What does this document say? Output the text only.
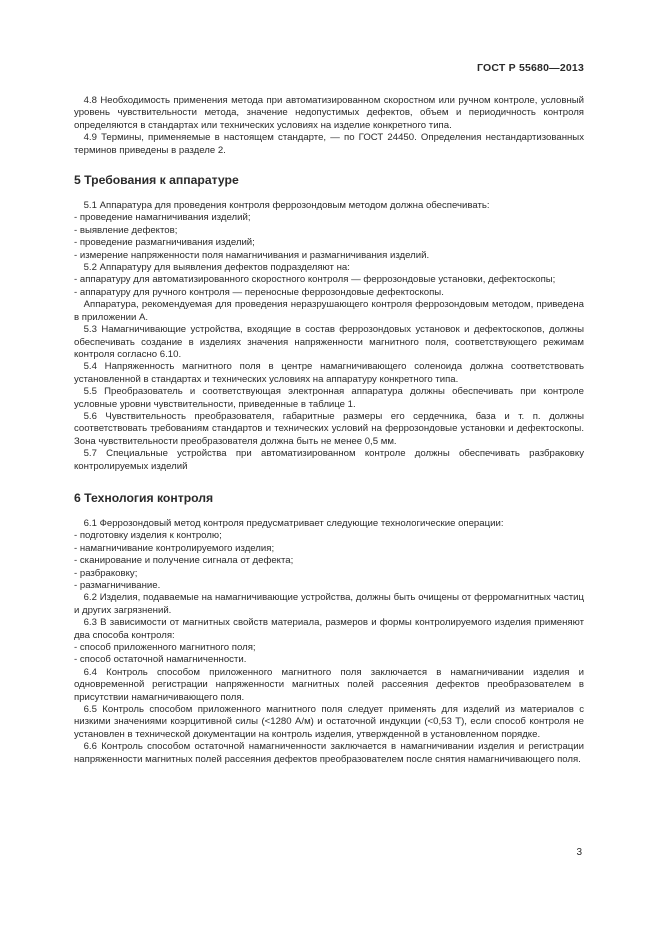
ГОСТ Р 55680—2013

4.8 Необходимость применения метода при автоматизированном скоростном или ручном контроле, условный уровень чувствительности метода, значение недопустимых дефектов, объем и периодичность контроля определяются в стандартах или технических условиях на изделие конкретного типа.

4.9 Термины, применяемые в настоящем стандарте, — по ГОСТ 24450. Определения нестандартизованных терминов приведены в разделе 2.

5 Требования к аппаратуре

5.1 Аппаратура для проведения контроля феррозондовым методом должна обеспечивать:

- проведение намагничивания изделий;

- выявление дефектов;

- проведение размагничивания изделий;

- измерение напряженности поля намагничивания и размагничивания изделий.

5.2 Аппаратуру для выявления дефектов подразделяют на:

- аппаратуру для автоматизированного скоростного контроля — феррозондовые установки, дефектоскопы;

- аппаратуру для ручного контроля — переносные феррозондовые дефектоскопы.

Аппаратура, рекомендуемая для проведения неразрушающего контроля феррозондовым методом, приведена в приложении А.

5.3 Намагничивающие устройства, входящие в состав феррозондовых установок и дефектоскопов, должны обеспечивать создание в изделиях значения напряженности магнитного поля, соответствующего режимам контроля согласно 6.10.

5.4 Напряженность магнитного поля в центре намагничивающего соленоида должна соответствовать установленной в стандартах и технических условиях на аппаратуру конкретного типа.

5.5 Преобразователь и соответствующая электронная аппаратура должны обеспечивать при контроле условные уровни чувствительности, приведенные в таблице 1.

5.6 Чувствительность преобразователя, габаритные размеры его сердечника, база и т. п. должны соответствовать требованиям стандартов и технических условий на феррозондовые установки и дефектоскопы. Зона чувствительности преобразователя должна быть не менее 0,5 мм.

5.7 Специальные устройства при автоматизированном контроле должны обеспечивать разбраковку контролируемых изделий

6 Технология контроля

6.1 Феррозондовый метод контроля предусматривает следующие технологические операции:

- подготовку изделия к контролю;

- намагничивание контролируемого изделия;

- сканирование и получение сигнала от дефекта;

- разбраковку;

- размагничивание.

6.2 Изделия, подаваемые на намагничивающие устройства, должны быть очищены от ферромагнитных частиц и других загрязнений.

6.3 В зависимости от магнитных свойств материала, размеров и формы контролируемого изделия применяют два способа контроля:

- способ приложенного магнитного поля;

- способ остаточной намагниченности.

6.4 Контроль способом приложенного магнитного поля заключается в намагничивании изделия и одновременной регистрации напряженности магнитных полей рассеяния дефектов преобразователем в присутствии намагничивающего поля.

6.5 Контроль способом приложенного магнитного поля следует применять для изделий из материалов с низкими значениями коэрцитивной силы (<1280 А/м) и остаточной индукции (<0,53 Т), если способ контроля не установлен в технической документации на контроль изделия, утвержденной в установленном порядке.

6.6 Контроль способом остаточной намагниченности заключается в намагничивании изделия и регистрации напряженности магнитных полей рассеяния дефектов преобразователем после снятия намагничивающего поля.

3
